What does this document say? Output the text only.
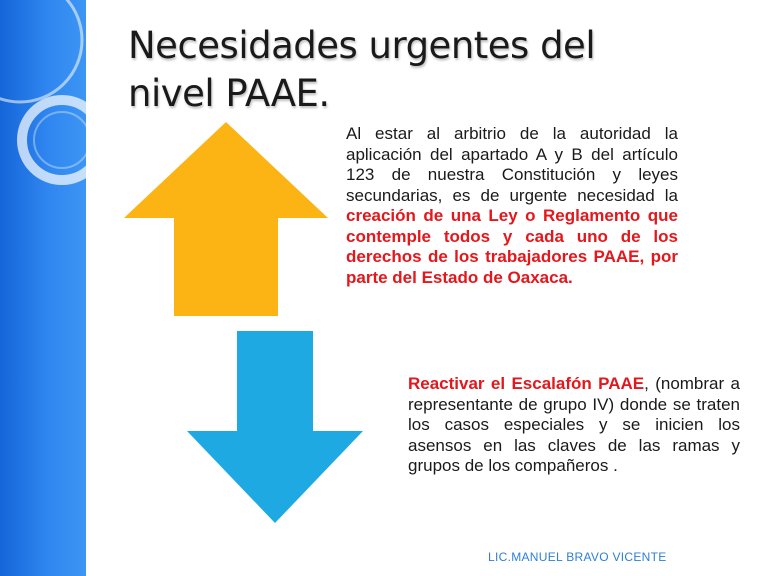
Necesidades urgentes del nivel PAAE.
Al estar al arbitrio de la autoridad la aplicación del apartado A y B del artículo 123 de nuestra Constitución y leyes secundarias, es de urgente necesidad la creación de una Ley o Reglamento que contemple todos y cada uno de los derechos de los trabajadores PAAE, por parte del Estado de Oaxaca.
Reactivar el Escalafón PAAE, (nombrar a representante de grupo IV) donde se traten los casos especiales y se inicien los asensos en las claves de las ramas y grupos de los compañeros .
LIC.MANUEL BRAVO VICENTE
